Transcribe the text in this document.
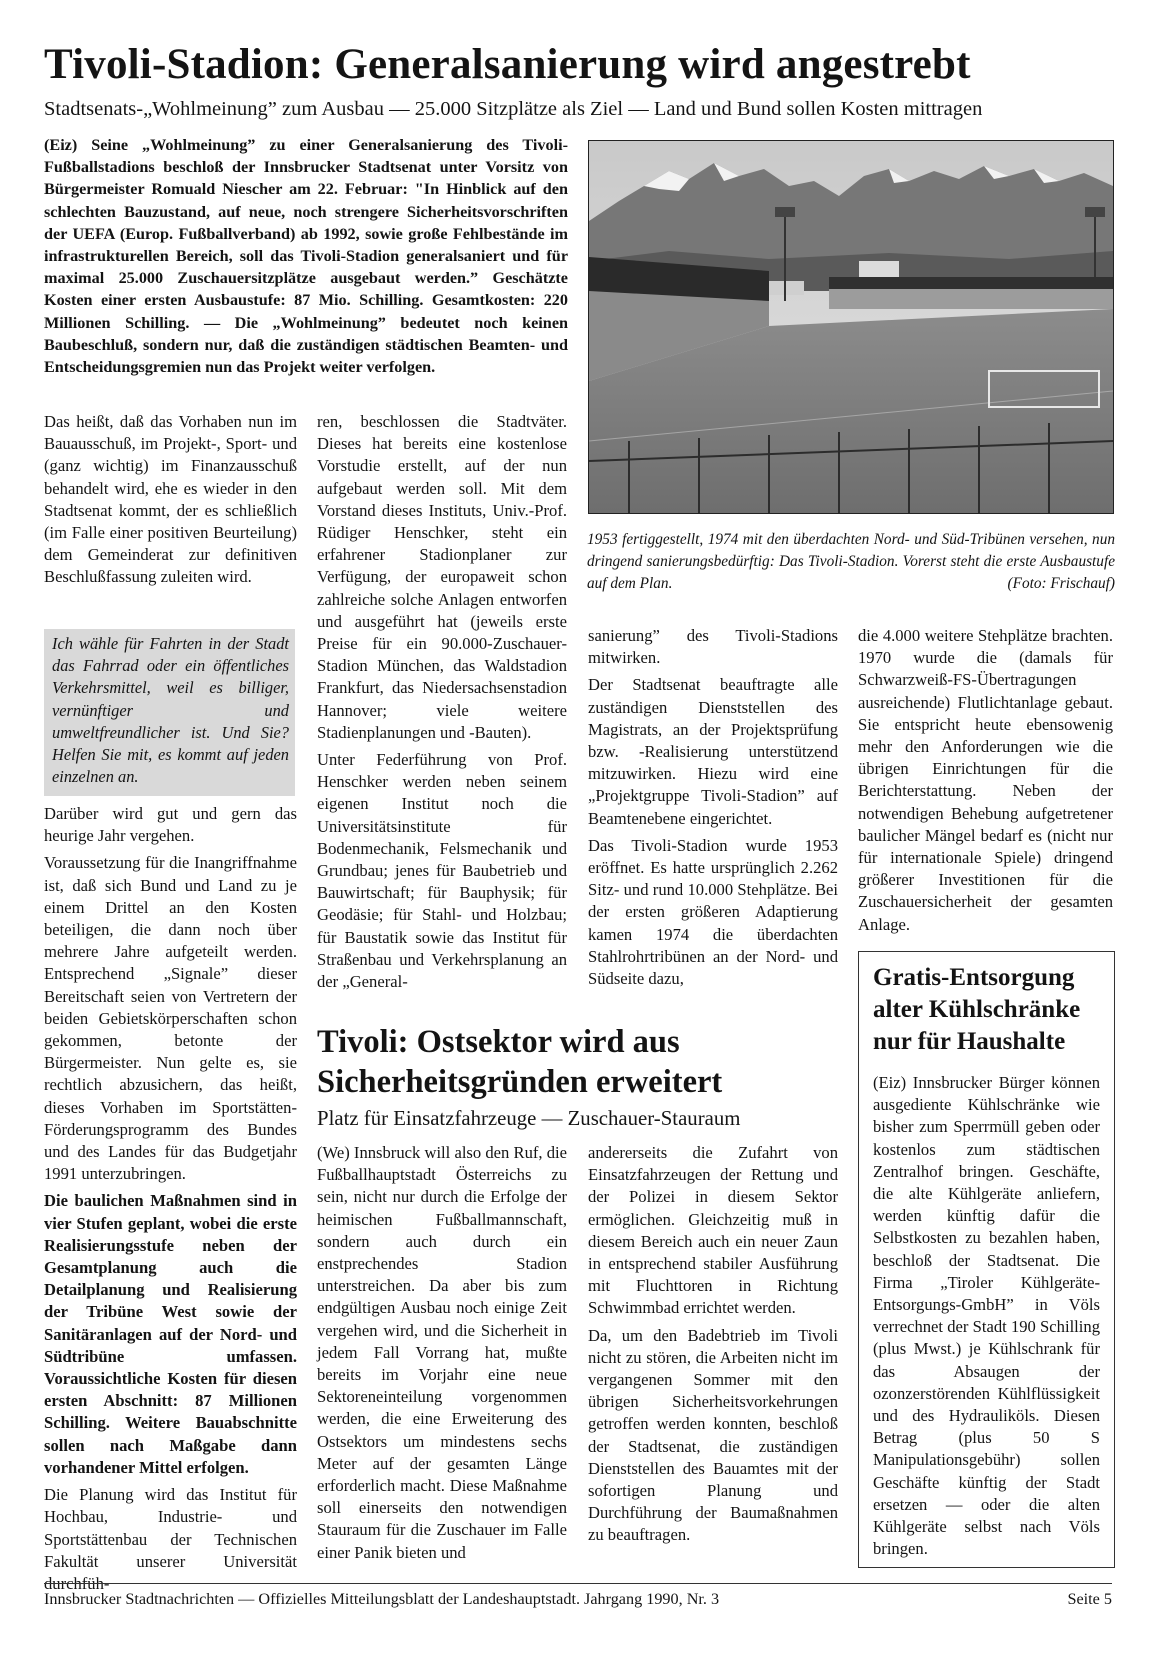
Tivoli-Stadion: Generalsanierung wird angestrebt
Stadtsenats-„Wohlmeinung” zum Ausbau — 25.000 Sitzplätze als Ziel — Land und Bund sollen Kosten mittragen
(Eiz) Seine „Wohlmeinung” zu einer Generalsanierung des Tivoli-Fußballstadions beschloß der Innsbrucker Stadtsenat unter Vorsitz von Bürgermeister Romuald Niescher am 22. Februar: "In Hinblick auf den schlechten Bauzustand, auf neue, noch strengere Sicherheitsvorschriften der UEFA (Europ. Fußballverband) ab 1992, sowie große Fehlbestände im infrastrukturellen Bereich, soll das Tivoli-Stadion generalsaniert und für maximal 25.000 Zuschauersitzplätze ausgebaut werden.” Geschätzte Kosten einer ersten Ausbaustufe: 87 Mio. Schilling. Gesamtkosten: 220 Millionen Schilling. — Die „Wohlmeinung” bedeutet noch keinen Baubeschluß, sondern nur, daß die zuständigen städtischen Beamten- und Entscheidungsgremien nun das Projekt weiter verfolgen.
1953 fertiggestellt, 1974 mit den überdachten Nord- und Süd-Tribünen versehen, nun dringend sanierungsbedürftig: Das Tivoli-Stadion. Vorerst steht die erste Ausbaustufe auf dem Plan.	(Foto: Frischauf)
Das heißt, daß das Vorhaben nun im Bauausschuß, im Projekt-, Sport- und (ganz wichtig) im Finanzausschuß behandelt wird, ehe es wieder in den Stadtsenat kommt, der es schließlich (im Falle einer positiven Beurteilung) dem Gemeinderat zur definitiven Beschlußfassung zuleiten wird.
Ich wähle für Fahrten in der Stadt das Fahrrad oder ein öffentliches Verkehrsmittel, weil es billiger, vernünftiger und umweltfreundlicher ist. Und Sie? Helfen Sie mit, es kommt auf jeden einzelnen an.

Darüber wird gut und gern das heurige Jahr vergehen.

Voraussetzung für die Inangriffnahme ist, daß sich Bund und Land zu je einem Drittel an den Kosten beteiligen, die dann noch über mehrere Jahre aufgeteilt werden. Entsprechend „Signale” dieser Bereitschaft seien von Vertretern der beiden Gebietskörperschaften schon gekommen, betonte der Bürgermeister. Nun gelte es, sie rechtlich abzusichern, das heißt, dieses Vorhaben im Sportstätten-Förderungsprogramm des Bundes und des Landes für das Budgetjahr 1991 unterzubringen.

Die baulichen Maßnahmen sind in vier Stufen geplant, wobei die erste Realisierungsstufe neben der Gesamtplanung auch die Detailplanung und Realisierung der Tribüne West sowie der Sanitäranlagen auf der Nord- und Südtribüne umfassen. Voraussichtliche Kosten für diesen ersten Abschnitt: 87 Millionen Schilling. Weitere Bauabschnitte sollen nach Maßgabe dann vorhandener Mittel erfolgen.

Die Planung wird das Institut für Hochbau, Industrie- und Sportstättenbau der Technischen Fakultät unserer Universität durchfüh-

ren, beschlossen die Stadtväter. Dieses hat bereits eine kostenlose Vorstudie erstellt, auf der nun aufgebaut werden soll. Mit dem Vorstand dieses Instituts, Univ.-Prof. Rüdiger Henschker, steht ein erfahrener Stadionplaner zur Verfügung, der europaweit schon zahlreiche solche Anlagen entworfen und ausgeführt hat (jeweils erste Preise für ein 90.000-Zuschauer-Stadion München, das Waldstadion Frankfurt, das Niedersachsenstadion Hannover; viele weitere Stadienplanungen und -Bauten).

Unter Federführung von Prof. Henschker werden neben seinem eigenen Institut noch die Universitätsinstitute für Bodenmechanik, Felsmechanik und Grundbau; jenes für Baubetrieb und Bauwirtschaft; für Bauphysik; für Geodäsie; für Stahl- und Holzbau; für Baustatik sowie das Institut für Straßenbau und Verkehrsplanung an der „General-

sanierung” des Tivoli-Stadions mitwirken.

Der Stadtsenat beauftragte alle zuständigen Dienststellen des Magistrats, an der Projektsprüfung bzw. -Realisierung unterstützend mitzuwirken. Hiezu wird eine „Projektgruppe Tivoli-Stadion” auf Beamtenebene eingerichtet.

Das Tivoli-Stadion wurde 1953 eröffnet. Es hatte ursprünglich 2.262 Sitz- und rund 10.000 Stehplätze. Bei der ersten größeren Adaptierung kamen 1974 die überdachten Stahlrohrtribünen an der Nord- und Südseite dazu,

die 4.000 weitere Stehplätze brachten. 1970 wurde die (damals für Schwarzweiß-FS-Übertragungen ausreichende) Flutlichtanlage gebaut. Sie entspricht heute ebensowenig mehr den Anforderungen wie die übrigen Einrichtungen für die Berichterstattung. Neben der notwendigen Behebung aufgetretener baulicher Mängel bedarf es (nicht nur für internationale Spiele) dringend größerer Investitionen für die Zuschauersicherheit der gesamten Anlage.

Tivoli: Ostsektor wird aus Sicherheitsgründen erweitert
Platz für Einsatzfahrzeuge — Zuschauer-Stauraum

(We) Innsbruck will also den Ruf, die Fußballhauptstadt Österreichs zu sein, nicht nur durch die Erfolge der heimischen Fußballmannschaft, sondern auch durch ein enstprechendes Stadion unterstreichen. Da aber bis zum endgültigen Ausbau noch einige Zeit vergehen wird, und die Sicherheit in jedem Fall Vorrang hat, mußte bereits im Vorjahr eine neue Sektoreneinteilung vorgenommen werden, die eine Erweiterung des Ostsektors um mindestens sechs Meter auf der gesamten Länge erforderlich macht. Diese Maßnahme soll einerseits den notwendigen Stauraum für die Zuschauer im Falle einer Panik bieten und

andererseits die Zufahrt von Einsatzfahrzeugen der Rettung und der Polizei in diesem Sektor ermöglichen. Gleichzeitig muß in diesem Bereich auch ein neuer Zaun in entsprechend stabiler Ausführung mit Fluchttoren in Richtung Schwimmbad errichtet werden.

Da, um den Badebtrieb im Tivoli nicht zu stören, die Arbeiten nicht im vergangenen Sommer mit den übrigen Sicherheitsvorkehrungen getroffen werden konnten, beschloß der Stadtsenat, die zuständigen Dienststellen des Bauamtes mit der sofortigen Planung und Durchführung der Baumaßnahmen zu beauftragen.

Gratis-Entsorgung alter Kühlschränke nur für Haushalte
(Eiz) Innsbrucker Bürger können ausgediente Kühlschränke wie bisher zum Sperrmüll geben oder kostenlos zum städtischen Zentralhof bringen. Geschäfte, die alte Kühlgeräte anliefern, werden künftig dafür die Selbstkosten zu bezahlen haben, beschloß der Stadtsenat. Die Firma „Tiroler Kühlgeräte-Entsorgungs-GmbH” in Völs verrechnet der Stadt 190 Schilling (plus Mwst.) je Kühlschrank für das Absaugen der ozonzerstörenden Kühlflüssigkeit und des Hydrauliköls. Diesen Betrag (plus 50 S Manipulationsgebühr) sollen Geschäfte künftig der Stadt ersetzen — oder die alten Kühlgeräte selbst nach Völs bringen.
Innsbrucker Stadtnachrichten — Offizielles Mitteilungsblatt der Landeshauptstadt. Jahrgang 1990, Nr. 3	Seite 5
